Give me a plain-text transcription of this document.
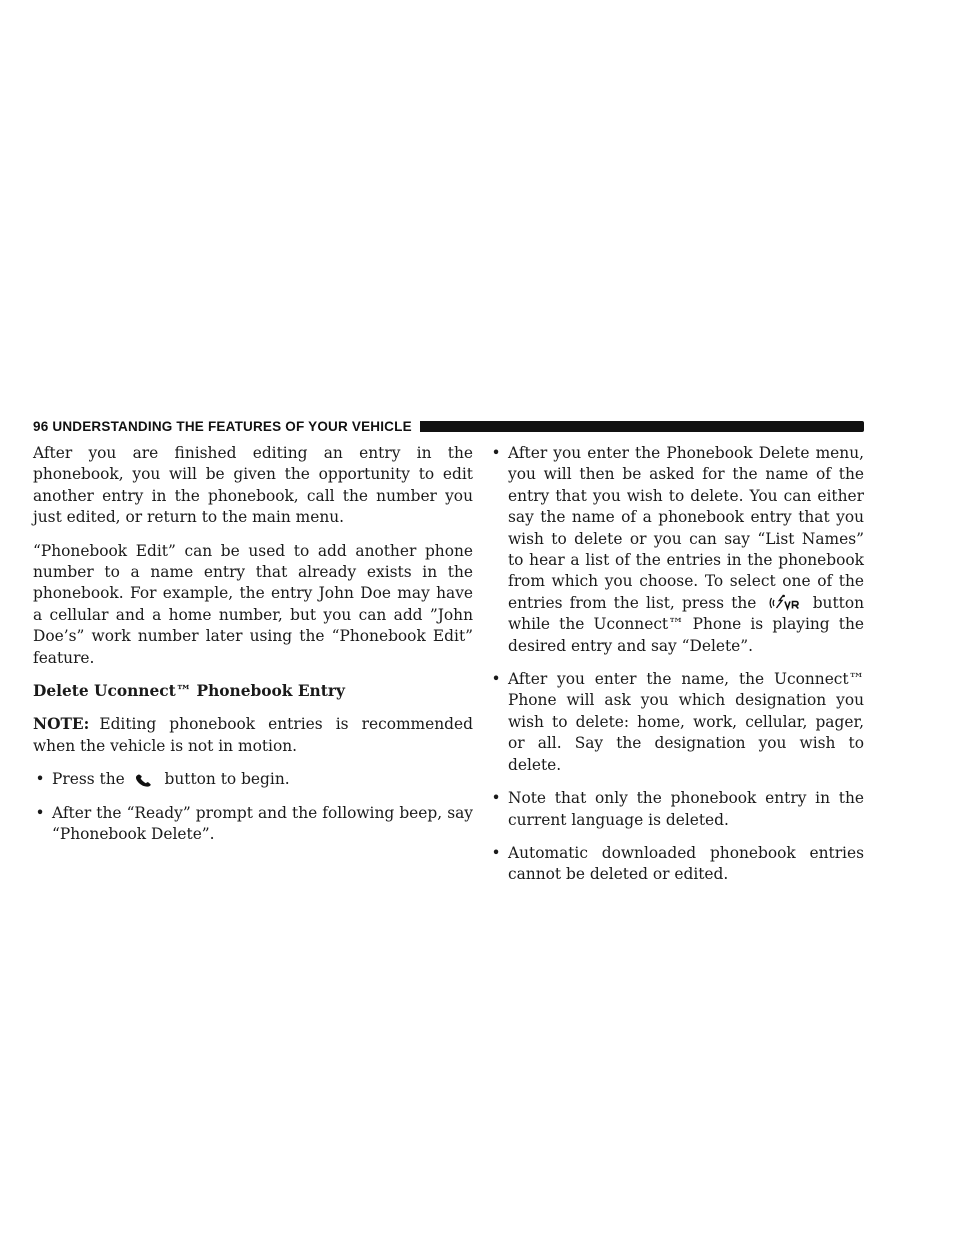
96 UNDERSTANDING THE FEATURES OF YOUR VEHICLE

After you are finished editing an entry in the phonebook, you will be given the opportunity to edit another entry in the phonebook, call the number you just edited, or return to the main menu.

“Phonebook Edit” can be used to add another phone number to a name entry that already exists in the phonebook. For example, the entry John Doe may have a cellular and a home number, but you can add ”John Doe’s” work number later using the “Phonebook Edit” feature.

Delete Uconnect™ Phonebook Entry

NOTE: Editing phonebook entries is recommended when the vehicle is not in motion.

• Press the	button to begin.
• After the “Ready” prompt and the following beep, say “Phonebook Delete”.
• After you enter the Phonebook Delete menu, you will then be asked for the name of the entry that you wish to delete. You can either say the name of a phonebook entry that you wish to delete or you can say “List Names” to hear a list of the entries in the phonebook from which you choose. To select one of the entries from the list, press the	button while the Uconnect™ Phone is playing the desired entry and say “Delete”.
• After you enter the name, the Uconnect™ Phone will ask you which designation you wish to delete: home, work, cellular, pager, or all. Say the designation you wish to delete.
• Note that only the phonebook entry in the current language is deleted.
• Automatic downloaded phonebook entries cannot be deleted or edited.
